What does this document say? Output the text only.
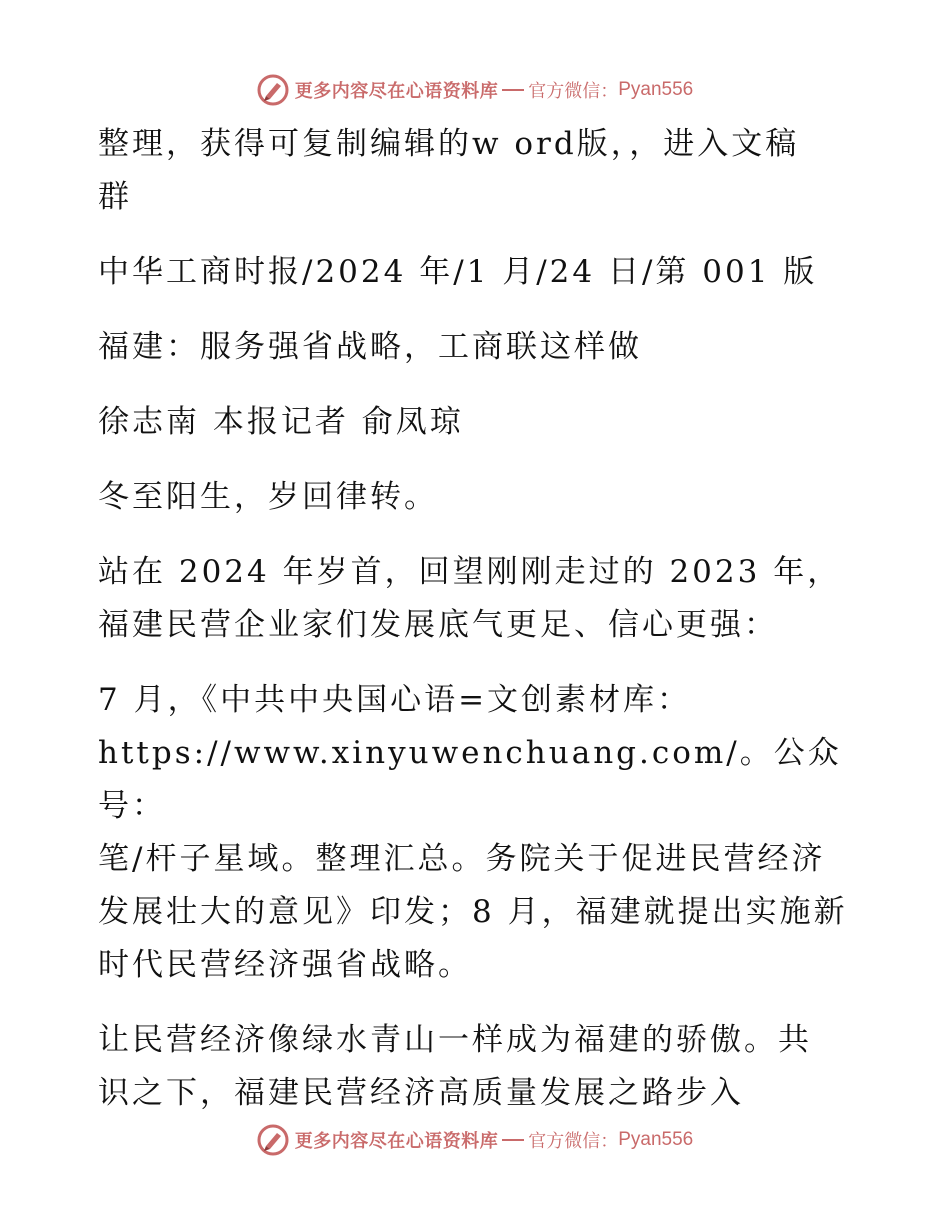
更多内容尽在心语资料库 官方微信： Pyan556

整理，获得可复制编辑的w ord版，，进入文稿
群

中华工商时报/2024 年/1 月/24 日/第 001 版

福建：服务强省战略，工商联这样做

徐志南 本报记者 俞凤琼

冬至阳生，岁回律转。

站在 2024 年岁首，回望刚刚走过的 2023 年，
福建民营企业家们发展底气更足、信心更强：

7 月，《中共中央国心语=文创素材库：
https://www.xinyuwenchuang.com/。公众号：
笔/杆子星域。整理汇总。务院关于促进民营经济
发展壮大的意见》印发；8 月，福建就提出实施新
时代民营经济强省战略。

让民营经济像绿水青山一样成为福建的骄傲。共
识之下，福建民营经济高质量发展之路步入

更多内容尽在心语资料库 官方微信： Pyan556
